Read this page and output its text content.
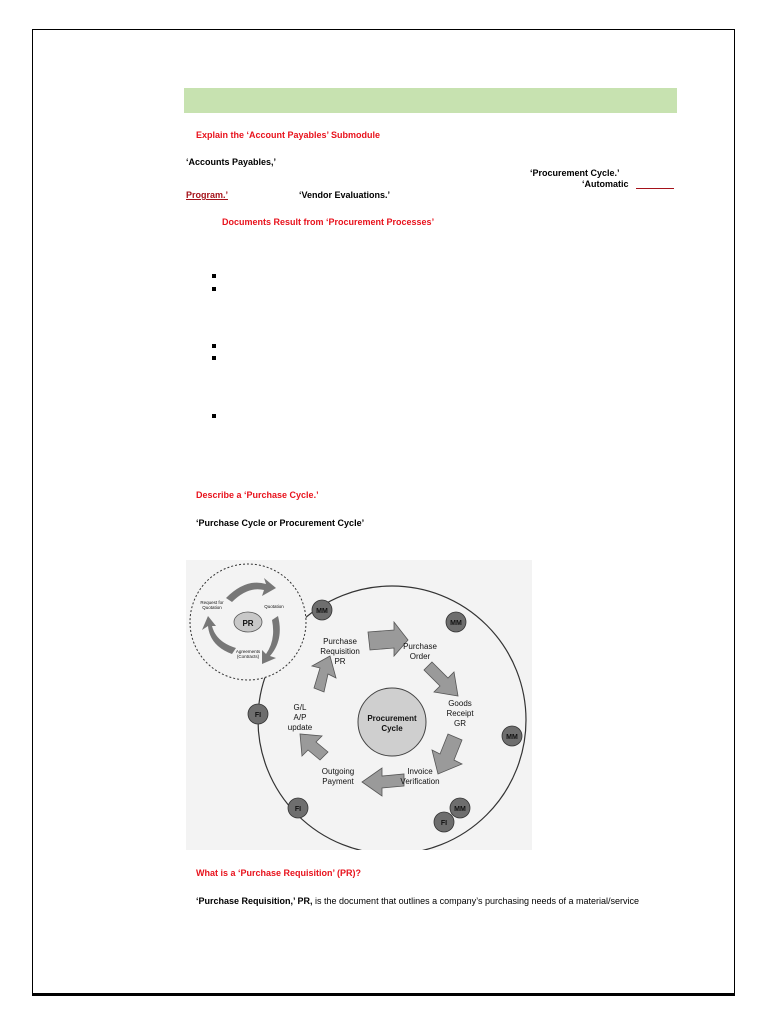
Explain the ‘Account Payables’ Submodule
‘Accounts Payables,’
‘Procurement Cycle.’
‘Automatic
Program.’	‘Vendor Evaluations.’
Documents Result from ‘Procurement Processes’
Describe a ‘Purchase Cycle.’
‘Purchase Cycle or Procurement Cycle’
PR
Request for
Quotation	Quotation
Agreements
(Contracts)
Procurement
Cycle
Purchase
Requisition
PR
Purchase
Order
Goods
Receipt
GR
Invoice
Verification
Outgoing
Payment
G/L
A/P
update
MM
MM
MM
MM
FI
FI
FI
What is a ‘Purchase Requisition’ (PR)?
‘Purchase Requisition,’ PR, is the document that outlines a company’s purchasing needs of a material/service
